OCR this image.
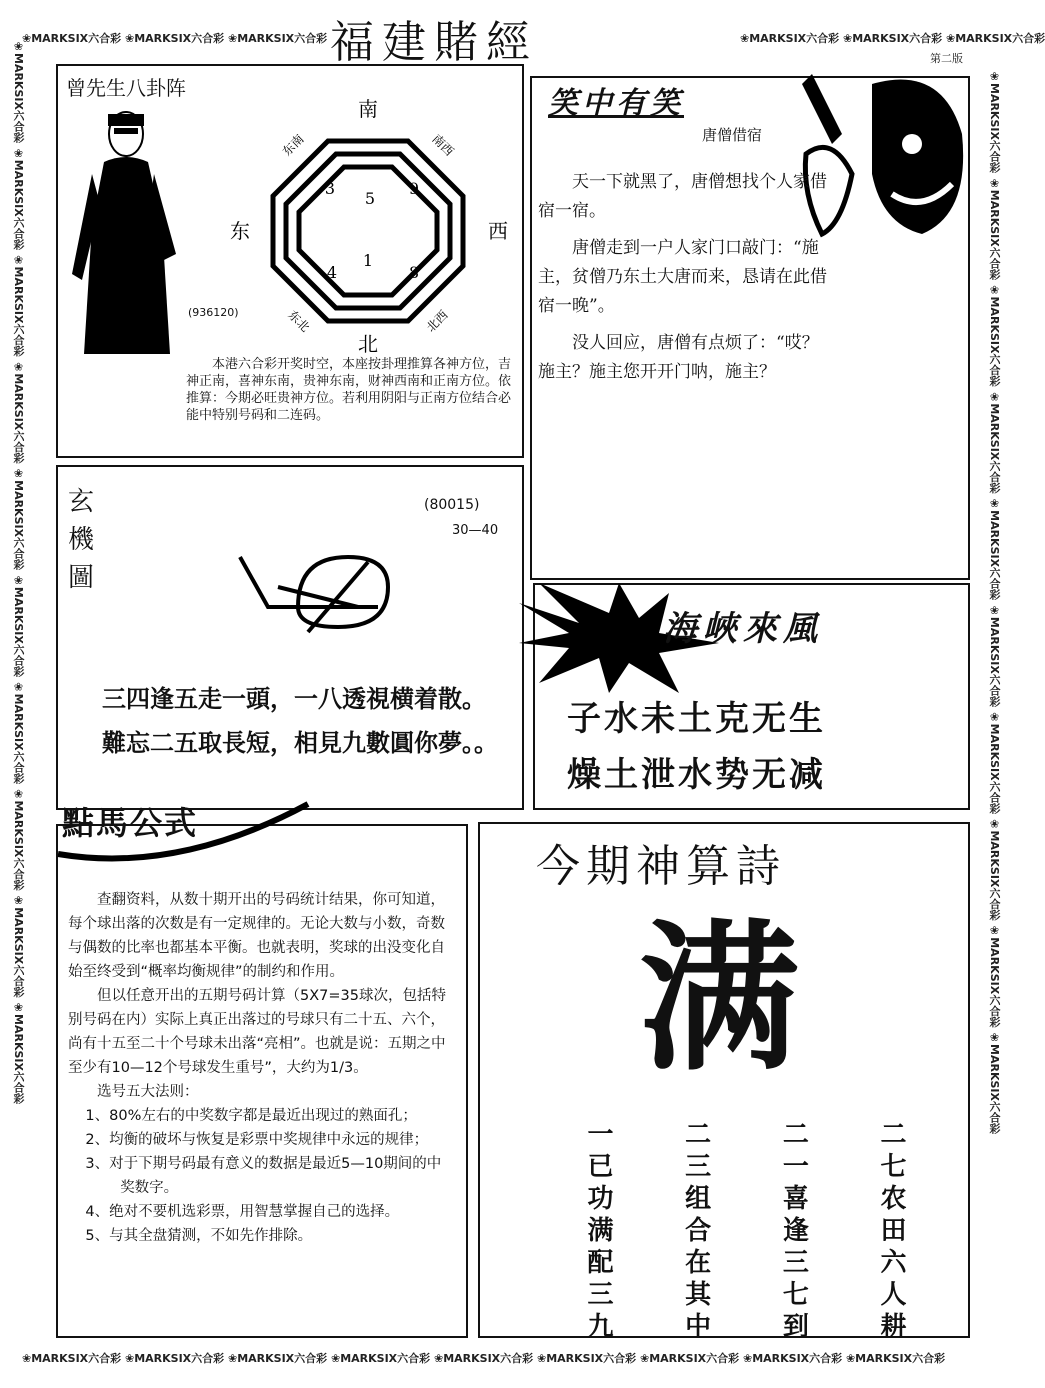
❀MARKSIX六合彩 ❀MARKSIX六合彩 ❀MARKSIX六合彩	❀MARKSIX六合彩 ❀MARKSIX六合彩 ❀MARKSIX六合彩
❀MARKSIX六合彩 ❀MARKSIX六合彩 ❀MARKSIX六合彩 ❀MARKSIX六合彩 ❀MARKSIX六合彩 ❀MARKSIX六合彩 ❀MARKSIX六合彩 ❀MARKSIX六合彩 ❀MARKSIX六合彩
❀MARKSIX六合彩 ❀MARKSIX六合彩 ❀MARKSIX六合彩 ❀MARKSIX六合彩 ❀MARKSIX六合彩 ❀MARKSIX六合彩 ❀MARKSIX六合彩 ❀MARKSIX六合彩 ❀MARKSIX六合彩 ❀MARKSIX六合彩	❀MARKSIX六合彩 ❀MARKSIX六合彩 ❀MARKSIX六合彩 ❀MARKSIX六合彩 ❀MARKSIX六合彩 ❀MARKSIX六合彩 ❀MARKSIX六合彩 ❀MARKSIX六合彩 ❀MARKSIX六合彩 ❀MARKSIX六合彩
福建賭經	第二版
曾先生八卦阵
(936120)
南
北
东	西
东南	南西
东北	北西
3
5
9
4
1
8
本港六合彩开奖时空，本座按卦理推算各神方位，吉神正南，喜神东南，贵神东南，财神西南和正南方位。依推算：今期必旺贵神方位。若利用阴阳与正南方位结合必能中特别号码和二连码。
笑中有笑
唐僧借宿

天一下就黑了，唐僧想找个人家借宿一宿。

唐僧走到一户人家门口敲门：“施主，贫僧乃东土大唐而来，恳请在此借宿一晚”。

没人回应，唐僧有点烦了：“哎？施主？施主您开开门呐，施主？

玄
機
圖
(80015)
30—40
三四逢五走一頭，一八透視横着散。
難忘二五取長短，相見九數圓你夢。。
海峽來風
子水未土克无生
燥土泄水势无减
點馬公式

查翻资料，从数十期开出的号码统计结果，你可知道，每个球出落的次数是有一定规律的。无论大数与小数，奇数与偶数的比率也都基本平衡。也就表明，奖球的出没变化自始至终受到“概率均衡规律”的制约和作用。

但以任意开出的五期号码计算（5X7=35球次，包括特别号码在内）实际上真正出落过的号球只有二十五、六个，尚有十五至二十个号球未出落“亮相”。也就是说：五期之中至少有10—12个号球发生重号”，大约为1/3。

选号五大法则：
1、80%左右的中奖数字都是最近出现过的熟面孔；
2、均衡的破坏与恢复是彩票中奖规律中永远的规律；
3、对于下期号码最有意义的数据是最近5—10期间的中奖数字。
4、绝对不要机选彩票，用智慧掌握自己的选择。
5、与其全盘猜测，不如先作排除。
今期神算詩
满
二七农田六人耕
二一喜逢三七到
二三组合在其中
一已功满配三九
